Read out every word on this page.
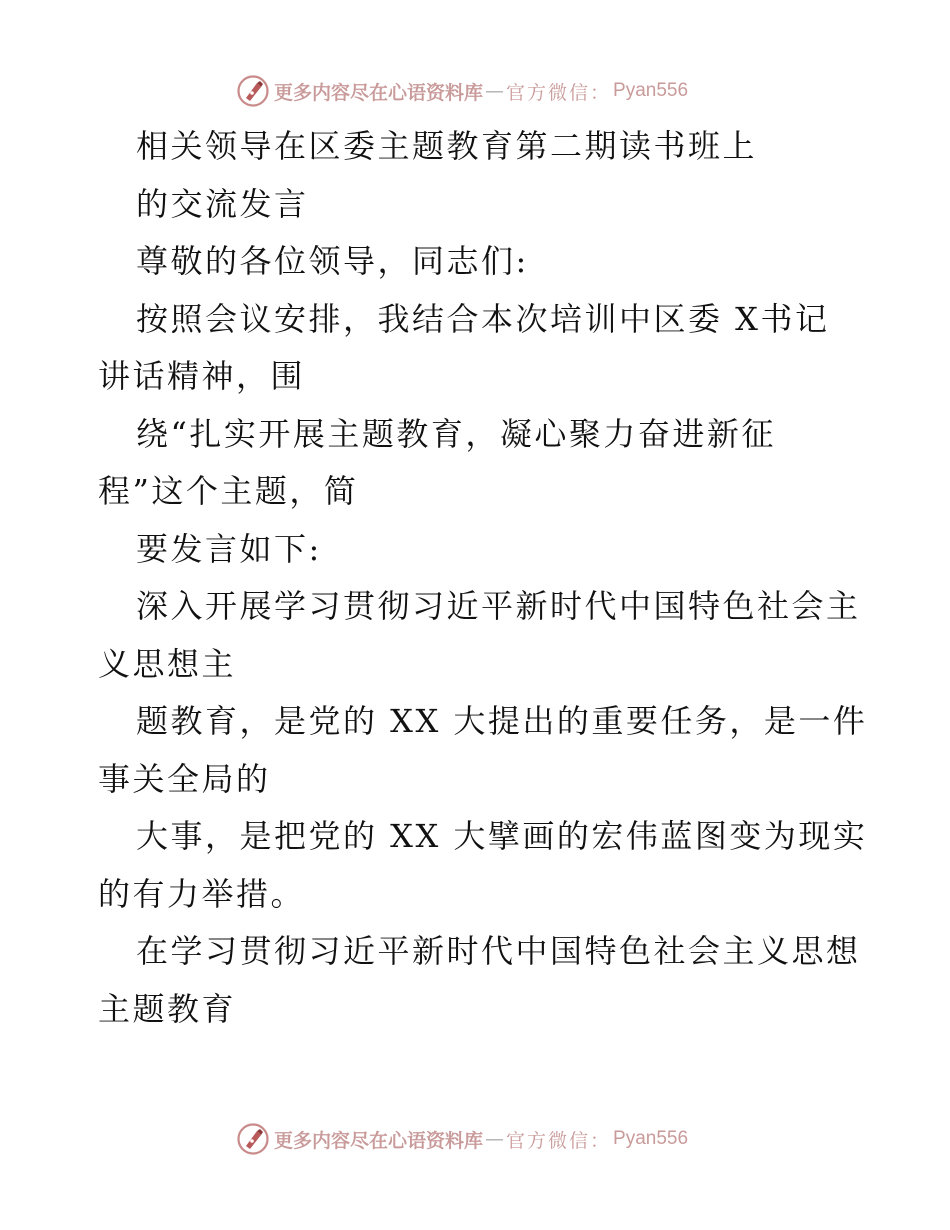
更多内容尽在心语资料库 — 官方微信： Pyan556
相关领导在区委主题教育第二期读书班上
的交流发言
尊敬的各位领导，同志们:
按照会议安排，我结合本次培训中区委 X书记
讲话精神，围
绕“扎实开展主题教育，凝心聚力奋进新征
程”这个主题，简
要发言如下:
深入开展学习贯彻习近平新时代中国特色社会主
义思想主
题教育，是党的 XX 大提出的重要任务，是一件
事关全局的
大事，是把党的 XX 大擘画的宏伟蓝图变为现实
的有力举措。
在学习贯彻习近平新时代中国特色社会主义思想
主题教育
更多内容尽在心语资料库 — 官方微信： Pyan556
